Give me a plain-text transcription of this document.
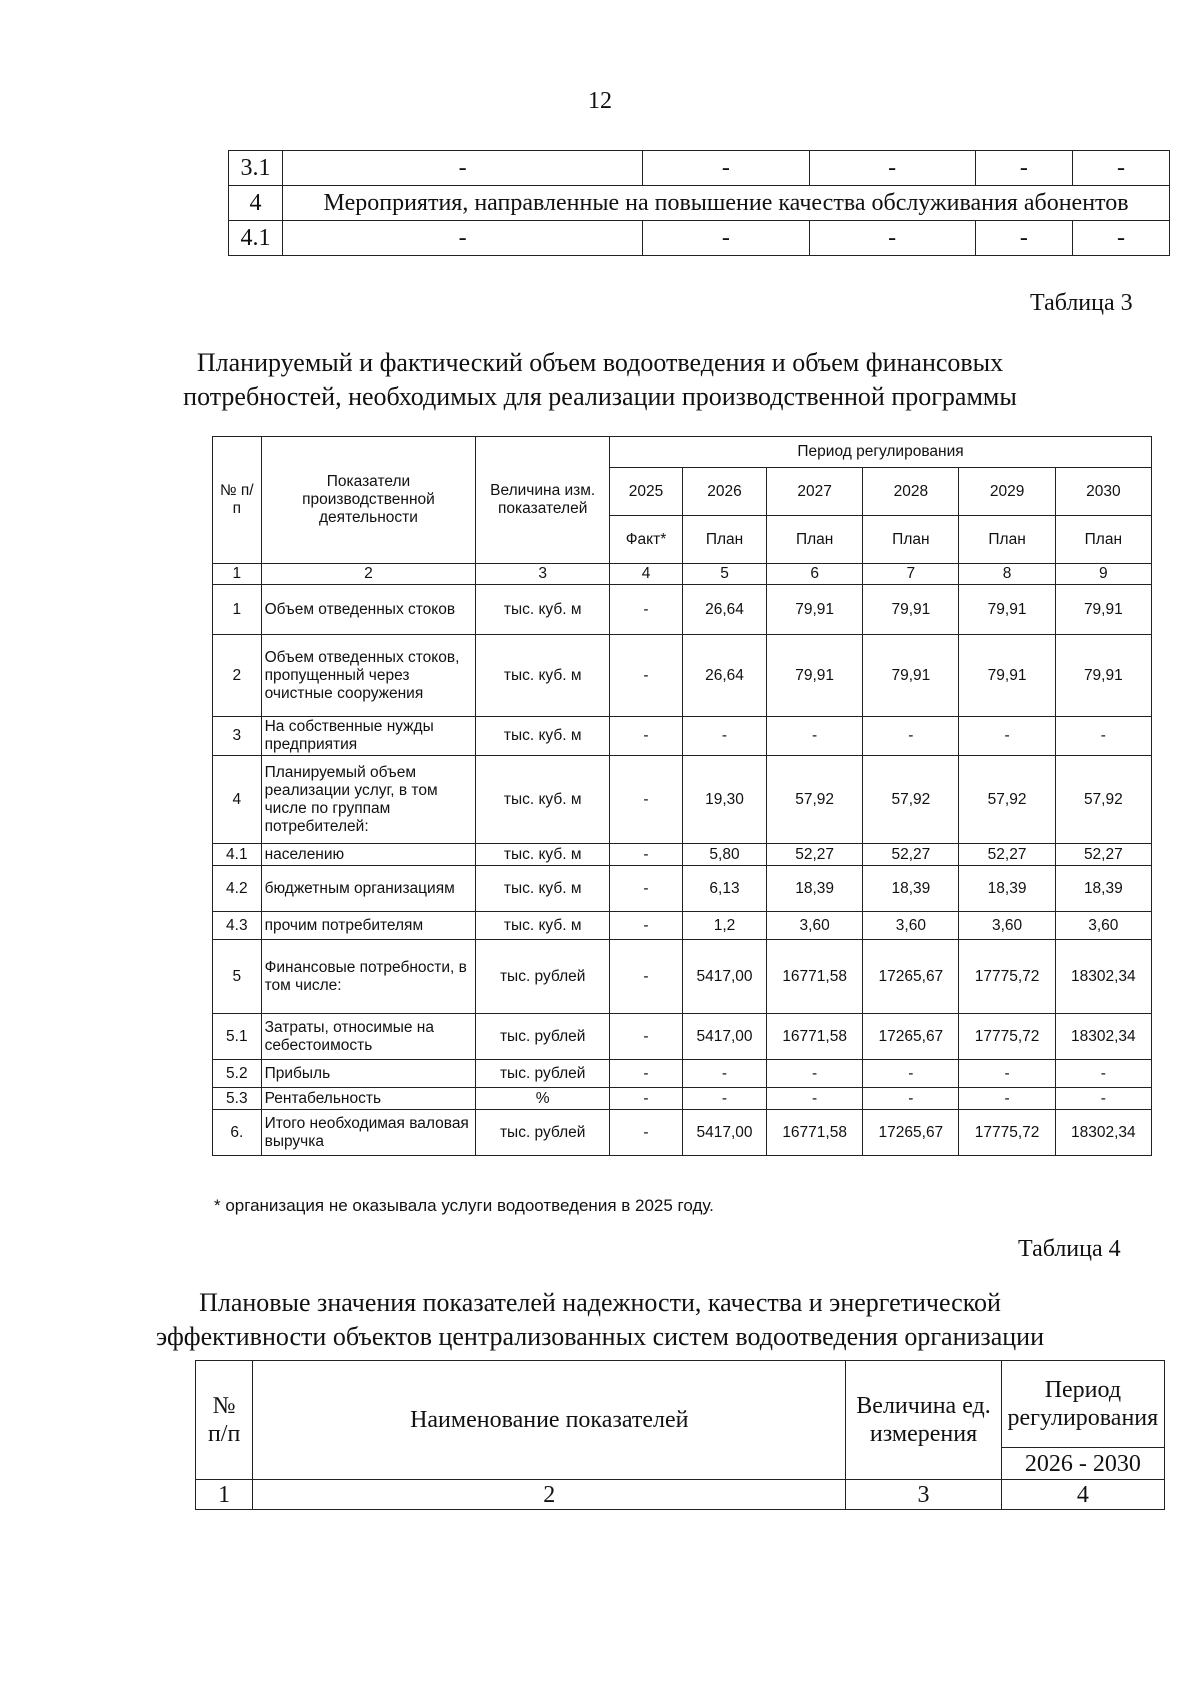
12
3.1	-	-	-	-	-
4	Мероприятия, направленные на повышение качества обслуживания абонентов				
4.1	-	-	-	-	-
Таблица 3
Планируемый и фактический объем водоотведения и объем финансовых
потребностей, необходимых для реализации производственной программы
№ п/п	Показатели производственной деятельности	Величина изм. показателей	Период регулирования					
			2025	2026	2027	2028	2029	2030
			Факт*	План	План	План	План	План
1	2	3	4	5	6	7	8	9
1	Объем отведенных стоков	тыс. куб. м	-	26,64	79,91	79,91	79,91	79,91
2	Объем отведенных стоков, пропущенный через очистные сооружения	тыс. куб. м	-	26,64	79,91	79,91	79,91	79,91
3	На собственные нужды предприятия	тыс. куб. м	-	-	-	-	-	-
4	Планируемый объем реализации услуг, в том числе по группам потребителей:	тыс. куб. м	-	19,30	57,92	57,92	57,92	57,92
4.1	населению	тыс. куб. м	-	5,80	52,27	52,27	52,27	52,27
4.2	бюджетным организациям	тыс. куб. м	-	6,13	18,39	18,39	18,39	18,39
4.3	прочим потребителям	тыс. куб. м	-	1,2	3,60	3,60	3,60	3,60
5	Финансовые потребности, в том числе:	тыс. рублей	-	5417,00	16771,58	17265,67	17775,72	18302,34
5.1	Затраты, относимые на себестоимость	тыс. рублей	-	5417,00	16771,58	17265,67	17775,72	18302,34
5.2	Прибыль	тыс. рублей	-	-	-	-	-	-
5.3	Рентабельность	%	-	-	-	-	-	-
6.	Итого необходимая валовая выручка	тыс. рублей	-	5417,00	16771,58	17265,67	17775,72	18302,34
* организация не оказывала услуги водоотведения в 2025 году.
Таблица 4
Плановые значения показателей надежности, качества и энергетической
эффективности объектов централизованных систем водоотведения организации
№ п/п	Наименование показателей	Величина ед. измерения	Период регулирования
			2026 - 2030
1	2	3	4
